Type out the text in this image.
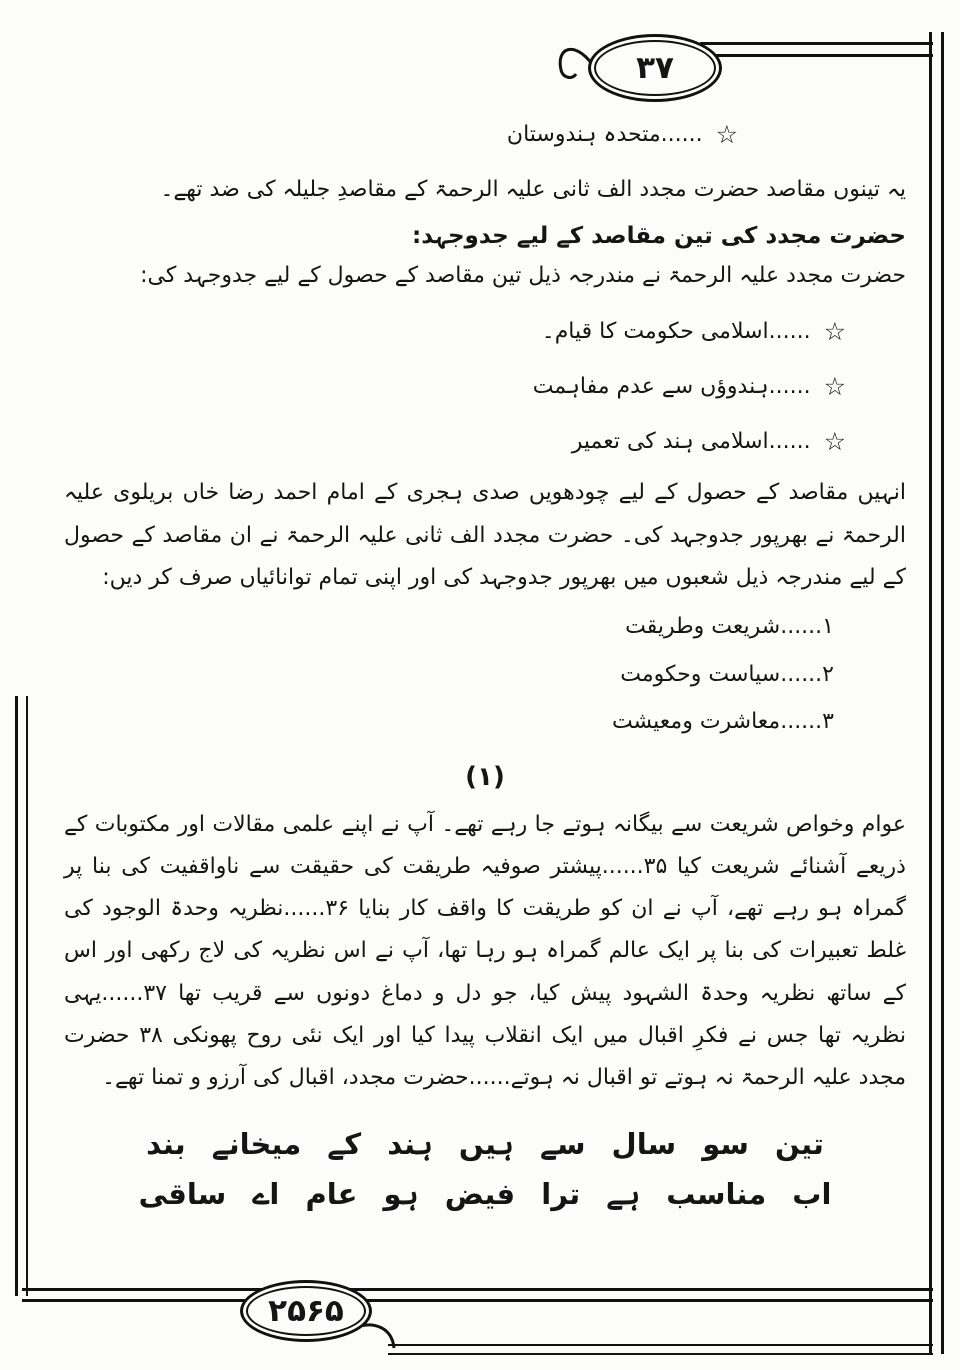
۳۷
۲۵۶۵
☆ ......متحدہ ہندوستان

یہ تینوں مقاصد حضرت مجدد الف ثانی علیہ الرحمۃ کے مقاصدِ جلیلہ کی ضد تھے۔

حضرت مجدد کی تین مقاصد کے لیے جدوجہد:

حضرت مجدد علیہ الرحمۃ نے مندرجہ ذیل تین مقاصد کے حصول کے لیے جدوجہد کی:

☆ ......اسلامی حکومت کا قیام۔
☆ ......ہندوؤں سے عدم مفاہمت
☆ ......اسلامی ہند کی تعمیر

انہیں مقاصد کے حصول کے لیے چودھویں صدی ہجری کے امام احمد رضا خاں بریلوی علیہ الرحمۃ نے بھرپور جدوجہد کی۔ حضرت مجدد الف ثانی علیہ الرحمۃ نے ان مقاصد کے حصول کے لیے مندرجہ ذیل شعبوں میں بھرپور جدوجہد کی اور اپنی تمام توانائیاں صرف کر دیں:

۱......شریعت وطریقت
۲......سیاست وحکومت
۳......معاشرت ومعیشت
(۱)

عوام وخواص شریعت سے بیگانہ ہوتے جا رہے تھے۔ آپ نے اپنے علمی مقالات اور مکتوبات کے ذریعے آشنائے شریعت کیا ۳۵......پیشتر صوفیہ طریقت کی حقیقت سے ناواقفیت کی بنا پر گمراہ ہو رہے تھے، آپ نے ان کو طریقت کا واقف کار بنایا ۳۶......نظریہ وحدۃ الوجود کی غلط تعبیرات کی بنا پر ایک عالم گمراہ ہو رہا تھا، آپ نے اس نظریہ کی لاج رکھی اور اس کے ساتھ نظریہ وحدۃ الشہود پیش کیا، جو دل و دماغ دونوں سے قریب تھا ۳۷......یہی نظریہ تھا جس نے فکرِ اقبال میں ایک انقلاب پیدا کیا اور ایک نئی روح پھونکی ۳۸ حضرت مجدد علیہ الرحمۃ نہ ہوتے تو اقبال نہ ہوتے......حضرت مجدد، اقبال کی آرزو و تمنا تھے۔

تین سو سال سے ہیں ہند کے میخانے بند
اب مناسب ہے ترا فیض ہو عام اے ساقی
